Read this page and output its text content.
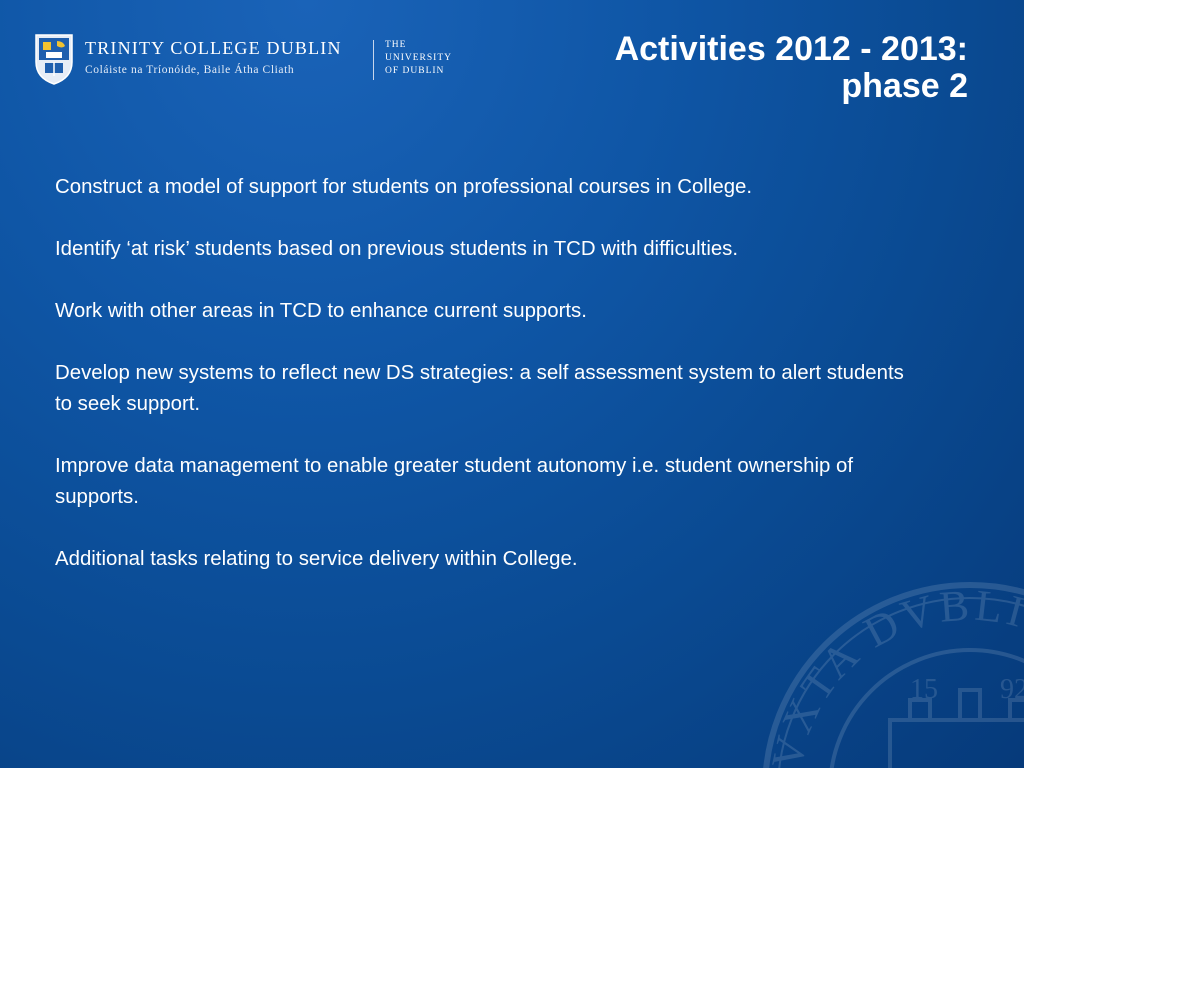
IVXTA DVBLIN • COL
15 92
TRINITY COLLEGE DUBLIN
Coláiste na Tríonóide, Baile Átha Cliath
THE
UNIVERSITY
OF DUBLIN
Activities 2012 - 2013:
phase 2

Construct a model of support for students on professional courses in College.

Identify ‘at risk’ students based on previous students in TCD with difficulties.

Work with other areas in TCD to enhance current supports.

Develop new systems to reflect new DS strategies: a self assessment system to alert students to seek support.

Improve data management to enable greater student autonomy i.e. student ownership of supports.

Additional tasks relating to service delivery within College.
